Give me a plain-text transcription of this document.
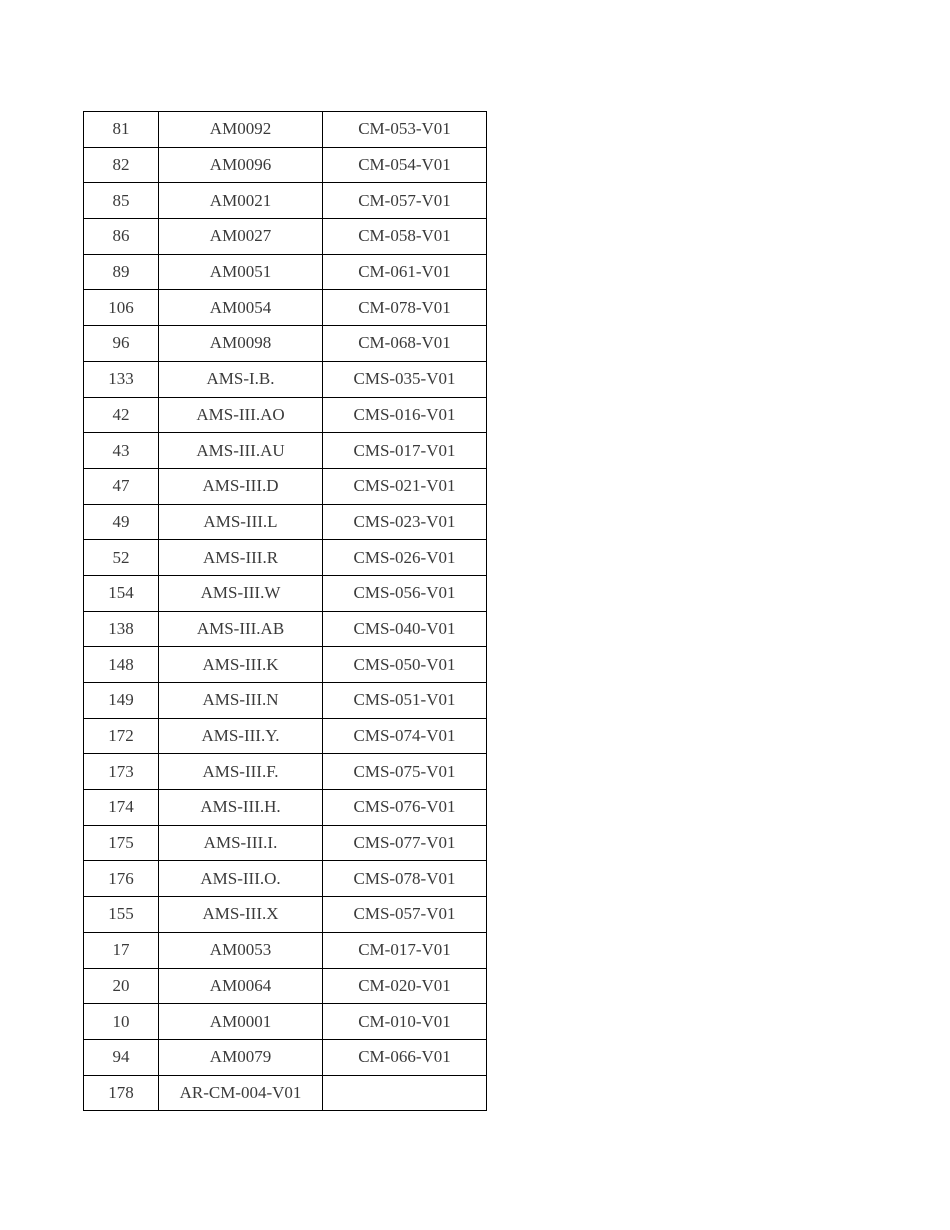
81	AM0092	CM-053-V01
82	AM0096	CM-054-V01
85	AM0021	CM-057-V01
86	AM0027	CM-058-V01
89	AM0051	CM-061-V01
106	AM0054	CM-078-V01
96	AM0098	CM-068-V01
133	AMS-I.B.	CMS-035-V01
42	AMS-III.AO	CMS-016-V01
43	AMS-III.AU	CMS-017-V01
47	AMS-III.D	CMS-021-V01
49	AMS-III.L	CMS-023-V01
52	AMS-III.R	CMS-026-V01
154	AMS-III.W	CMS-056-V01
138	AMS-III.AB	CMS-040-V01
148	AMS-III.K	CMS-050-V01
149	AMS-III.N	CMS-051-V01
172	AMS-III.Y.	CMS-074-V01
173	AMS-III.F.	CMS-075-V01
174	AMS-III.H.	CMS-076-V01
175	AMS-III.I.	CMS-077-V01
176	AMS-III.O.	CMS-078-V01
155	AMS-III.X	CMS-057-V01
17	AM0053	CM-017-V01
20	AM0064	CM-020-V01
10	AM0001	CM-010-V01
94	AM0079	CM-066-V01
178	AR-CM-004-V01	
